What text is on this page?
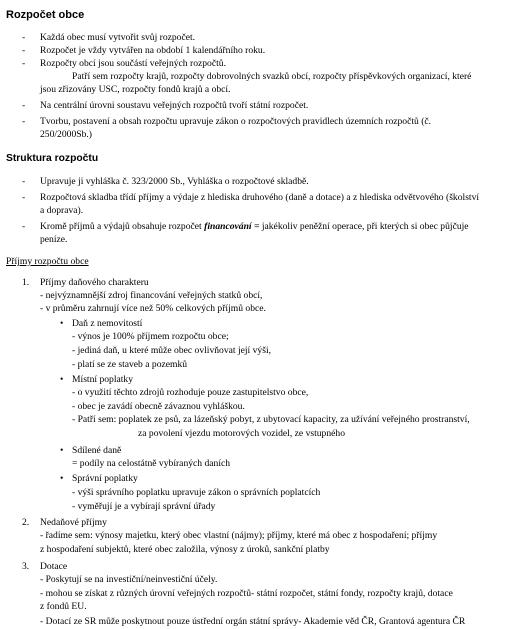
Rozpočet obce
- Každá obec musí vytvořit svůj rozpočet.
- Rozpočet je vždy vytvářen na období 1 kalendářního roku.
- Rozpočty obcí jsou součástí veřejných rozpočtů.
Patří sem rozpočty krajů, rozpočty dobrovolných svazků obcí, rozpočty příspěvkových organizací, které
jsou zřizovány USC, rozpočty fondů krajů a obcí.
- Na centrální úrovni soustavu veřejných rozpočtů tvoří státní rozpočet.
- Tvorbu, postavení a obsah rozpočtu upravuje zákon o rozpočtových pravidlech územních rozpočtů (č.
250/2000Sb.)
Struktura rozpočtu
- Upravuje ji vyhláška č. 323/2000 Sb., Vyhláška o rozpočtové skladbě.
- Rozpočtová skladba třídí příjmy a výdaje z hlediska druhového (daně a dotace) a z hlediska odvětvového (školství
a doprava).
- Kromě příjmů a výdajů obsahuje rozpočet financování = jakékoliv peněžní operace, při kterých si obec půjčuje
peníze.
Příjmy rozpočtu obce
1. Příjmy daňového charakteru
- nejvýznamnější zdroj financování veřejných statků obcí,
- v průměru zahrnují více než 50% celkových příjmů obce.
• Daň z nemovitostí
- výnos je 100% příjmem rozpočtu obce;
- jediná daň, u které může obec ovlivňovat její výši,
- platí se ze staveb a pozemků
• Místní poplatky
- o využití těchto zdrojů rozhoduje pouze zastupitelstvo obce,
- obec je zavádí obecně závaznou vyhláškou.
- Patří sem: poplatek ze psů, za lázeňský pobyt, z ubytovací kapacity, za užívání veřejného prostranství,
za povolení vjezdu motorových vozidel, ze vstupného
• Sdílené daně
= podíly na celostátně vybíraných daních
• Správní poplatky
- výši správního poplatku upravuje zákon o správních poplatcích
- vyměřují je a vybírají správní úřady
2. Nedaňové příjmy
- řadíme sem: výnosy majetku, který obec vlastní (nájmy); příjmy, které má obec z hospodaření; příjmy
z hospodaření subjektů, které obec založila, výnosy z úroků, sankční platby
3. Dotace
- Poskytují se na investiční/neinvestiční účely.
- mohou se získat z různých úrovní veřejných rozpočtů- státní rozpočet, státní fondy, rozpočty krajů, dotace
z fondů EU.
- Dotací ze SR může poskytnout pouze ústřední orgán státní správy- Akademie věd ČR, Grantová agentura ČR
